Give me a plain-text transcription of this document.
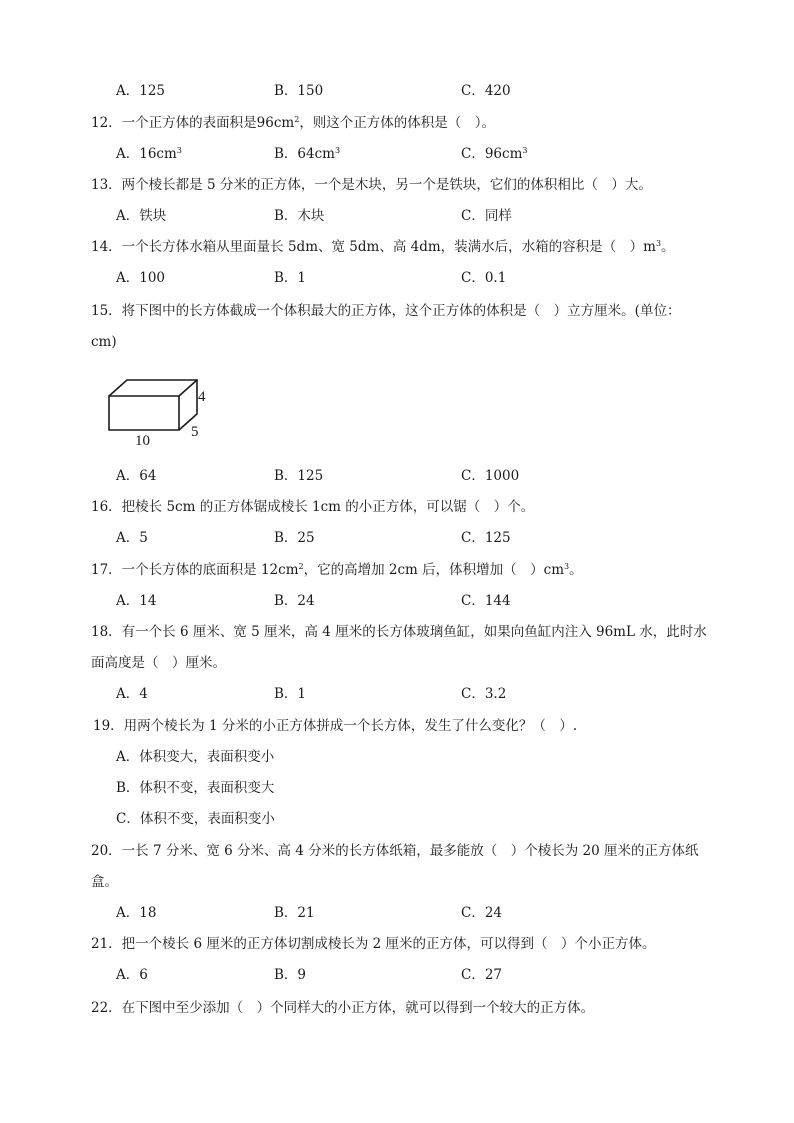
A．125	B．150	C．420
12．一个正方体的表面积是$96cm^2$，则这个正方体的体积是（　）。
A．$16cm^3$	B．$64cm^3$	C．$96cm^3$
13．两个棱长都是 5 分米的正方体，一个是木块，另一个是铁块，它们的体积相比（　）大。
A．铁块	B．木块	C．同样
14．一个长方体水箱从里面量长 5dm、宽 5dm、高 4dm，装满水后，水箱的容积是（　）$m^3$。
A．100	B．1	C．0.1
15．将下图中的长方体截成一个体积最大的正方体，这个正方体的体积是（　）立方厘米。(单位：
cm)
4
10
5
A．64	B．125	C．1000
16．把棱长 5cm 的正方体锯成棱长 1cm 的小正方体，可以锯（　）个。
A．5	B．25	C．125
17．一个长方体的底面积是 $12cm^2$，它的高增加 2cm 后，体积增加（　）$cm^3$。
A．14	B．24	C．144
18．有一个长 6 厘米、宽 5 厘米，高 4 厘米的长方体玻璃鱼缸，如果向鱼缸内注入 96mL 水，此时水
面高度是（　）厘米。
A．4	B．1	C．3.2
19．用两个棱长为 1 分米的小正方体拼成一个长方体，发生了什么变化？（　）.
A．体积变大，表面积变小
B．体积不变，表面积变大
C．体积不变，表面积变小
20．一长 7 分米、宽 6 分米、高 4 分米的长方体纸箱，最多能放（　）个棱长为 20 厘米的正方体纸
盒。
A．18	B．21	C．24
21．把一个棱长 6 厘米的正方体切割成棱长为 2 厘米的正方体，可以得到（　）个小正方体。
A．6	B．9	C．27
22．在下图中至少添加（　）个同样大的小正方体，就可以得到一个较大的正方体。
